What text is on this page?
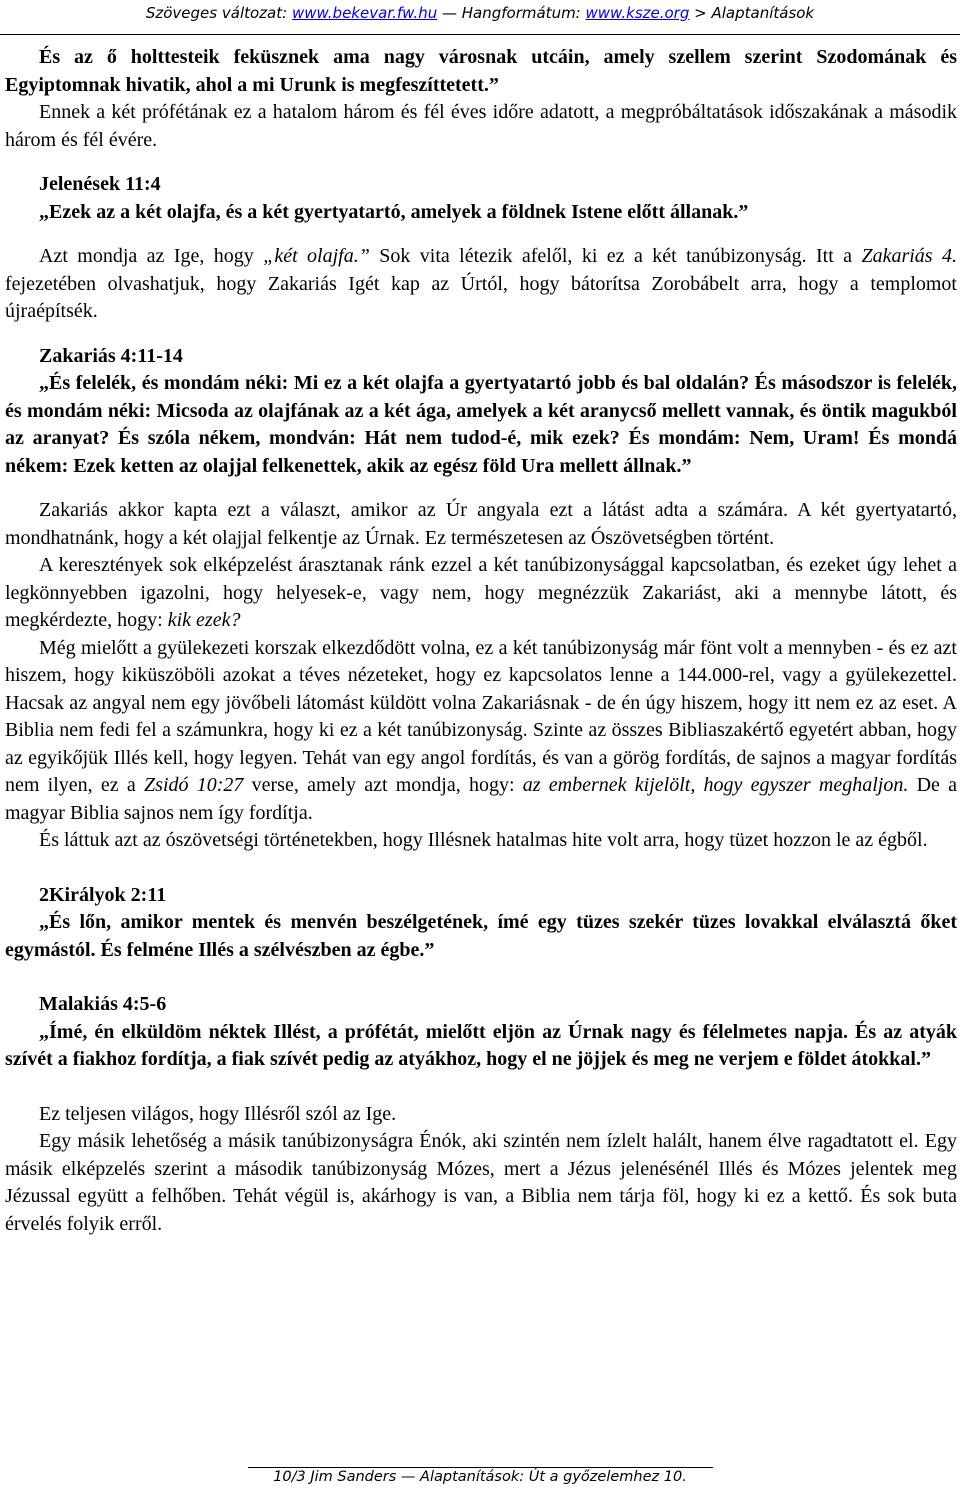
Szöveges változat: www.bekevar.fw.hu — Hangformátum: www.ksze.org > Alaptanítások

És az ő holttesteik feküsznek ama nagy városnak utcáin, amely szellem szerint Szodomának és Egyiptomnak hivatik, ahol a mi Urunk is megfeszíttetett.”

Ennek a két prófétának ez a hatalom három és fél éves időre adatott, a megpróbáltatások időszakának a második három és fél évére.

Jelenések 11:4

„Ezek az a két olajfa, és a két gyertyatartó, amelyek a földnek Istene előtt állanak.”

Azt mondja az Ige, hogy „két olajfa.” Sok vita létezik afelől, ki ez a két tanúbizonyság. Itt a Zakariás 4. fejezetében olvashatjuk, hogy Zakariás Igét kap az Úrtól, hogy bátorítsa Zorobábelt arra, hogy a templomot újraépítsék.

Zakariás 4:11-14

„És felelék, és mondám néki: Mi ez a két olajfa a gyertyatartó jobb és bal oldalán? És másodszor is felelék, és mondám néki: Micsoda az olajfának az a két ága, amelyek a két aranycső mellett vannak, és öntik magukból az aranyat? És szóla nékem, mondván: Hát nem tudod-é, mik ezek? És mondám: Nem, Uram! És mondá nékem: Ezek ketten az olajjal felkenettek, akik az egész föld Ura mellett állnak.”

Zakariás akkor kapta ezt a választ, amikor az Úr angyala ezt a látást adta a számára. A két gyertyatartó, mondhatnánk, hogy a két olajjal felkentje az Úrnak. Ez természetesen az Ószövetségben történt.

A keresztények sok elképzelést árasztanak ránk ezzel a két tanúbizonysággal kapcsolatban, és ezeket úgy lehet a legkönnyebben igazolni, hogy helyesek-e, vagy nem, hogy megnézzük Zakariást, aki a mennybe látott, és megkérdezte, hogy: kik ezek?

Még mielőtt a gyülekezeti korszak elkezdődött volna, ez a két tanúbizonyság már fönt volt a mennyben - és ez azt hiszem, hogy kiküszöböli azokat a téves nézeteket, hogy ez kapcsolatos lenne a 144.000-rel, vagy a gyülekezettel. Hacsak az angyal nem egy jövőbeli látomást küldött volna Zakariásnak - de én úgy hiszem, hogy itt nem ez az eset. A Biblia nem fedi fel a számunkra, hogy ki ez a két tanúbizonyság. Szinte az összes Bibliaszakértő egyetért abban, hogy az egyikőjük Illés kell, hogy legyen. Tehát van egy angol fordítás, és van a görög fordítás, de sajnos a magyar fordítás nem ilyen, ez a Zsidó 10:27 verse, amely azt mondja, hogy: az embernek kijelölt, hogy egyszer meghaljon. De a magyar Biblia sajnos nem így fordítja.

És láttuk azt az ószövetségi történetekben, hogy Illésnek hatalmas hite volt arra, hogy tüzet hozzon le az égből.

2Királyok 2:11

„És lőn, amikor mentek és menvén beszélgetének, ímé egy tüzes szekér tüzes lovakkal elválasztá őket egymástól. És felméne Illés a szélvészben az égbe.”

Malakiás 4:5-6

„Ímé, én elküldöm néktek Illést, a prófétát, mielőtt eljön az Úrnak nagy és félelmetes napja. És az atyák szívét a fiakhoz fordítja, a fiak szívét pedig az atyákhoz, hogy el ne jöjjek és meg ne verjem e földet átokkal.”

Ez teljesen világos, hogy Illésről szól az Ige.

Egy másik lehetőség a másik tanúbizonyságra Énók, aki szintén nem ízlelt halált, hanem élve ragadtatott el. Egy másik elképzelés szerint a második tanúbizonyság Mózes, mert a Jézus jelenésénél Illés és Mózes jelentek meg Jézussal együtt a felhőben. Tehát végül is, akárhogy is van, a Biblia nem tárja föl, hogy ki ez a kettő. És sok buta érvelés folyik erről.

10/3 Jim Sanders — Alaptanítások: Út a győzelemhez 10.
